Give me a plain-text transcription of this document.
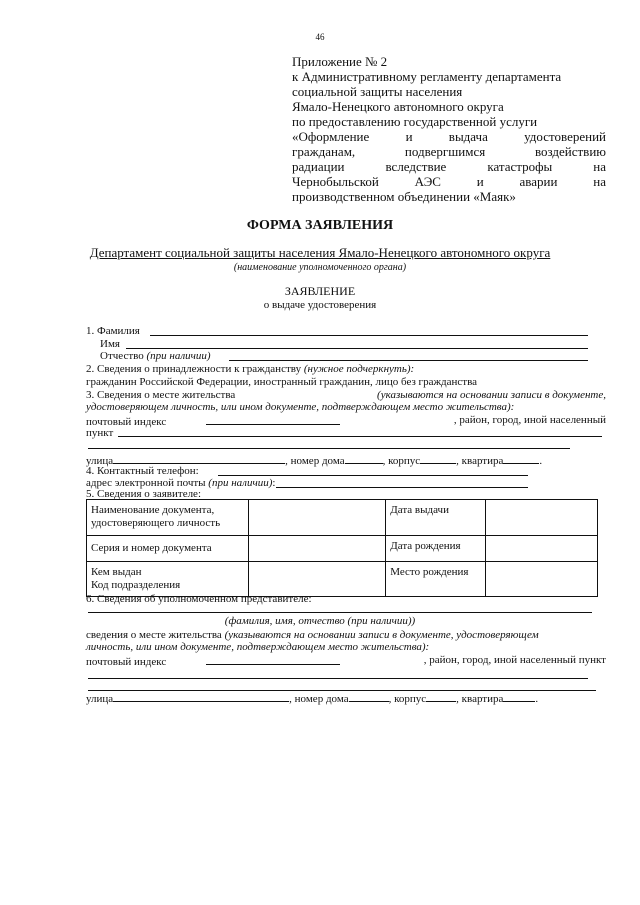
46
Приложение № 2
к Административному регламенту департамента
социальной защиты населения
Ямало-Ненецкого автономного округа
по предоставлению государственной услуги
«Оформление и выдача удостоверений
гражданам, подвергшимся воздействию
радиации вследствие катастрофы на
Чернобыльской АЭС и аварии на
производственном объединении «Маяк»
ФОРМА ЗАЯВЛЕНИЯ
Департамент социальной защиты населения Ямало-Ненецкого автономного округа
(наименование уполномоченного органа)
ЗАЯВЛЕНИЕ
о выдаче удостоверения
1. Фамилия
Имя
Отчество (при наличии)
2. Сведения о принадлежности к гражданству (нужное подчеркнуть):
гражданин Российской Федерации, иностранный гражданин, лицо без гражданства
3. Сведения о месте жительства	(указываются на основании записи в документе,
удостоверяющем личность, или ином документе, подтверждающем место жительства):
почтовый индекс	, район, город, иной населенный
пункт
улица	, номер дома	, корпус	, квартира	.
4. Контактный телефон:
адрес электронной почты (при наличии):
5. Сведения о заявителе:
Наименование документа, удостоверяющего личность		Дата выдачи	
Серия и номер документа		Дата рождения	
Кем выдан
Код подразделения		Место рождения	
6. Сведения об уполномоченном представителе:
(фамилия, имя, отчество (при наличии))
сведения о месте жительства (указываются на основании записи в документе, удостоверяющем
личность, или ином документе, подтверждающем место жительства):
почтовый индекс	, район, город, иной населенный пункт
улица	, номер дома	, корпус	, квартира	.
